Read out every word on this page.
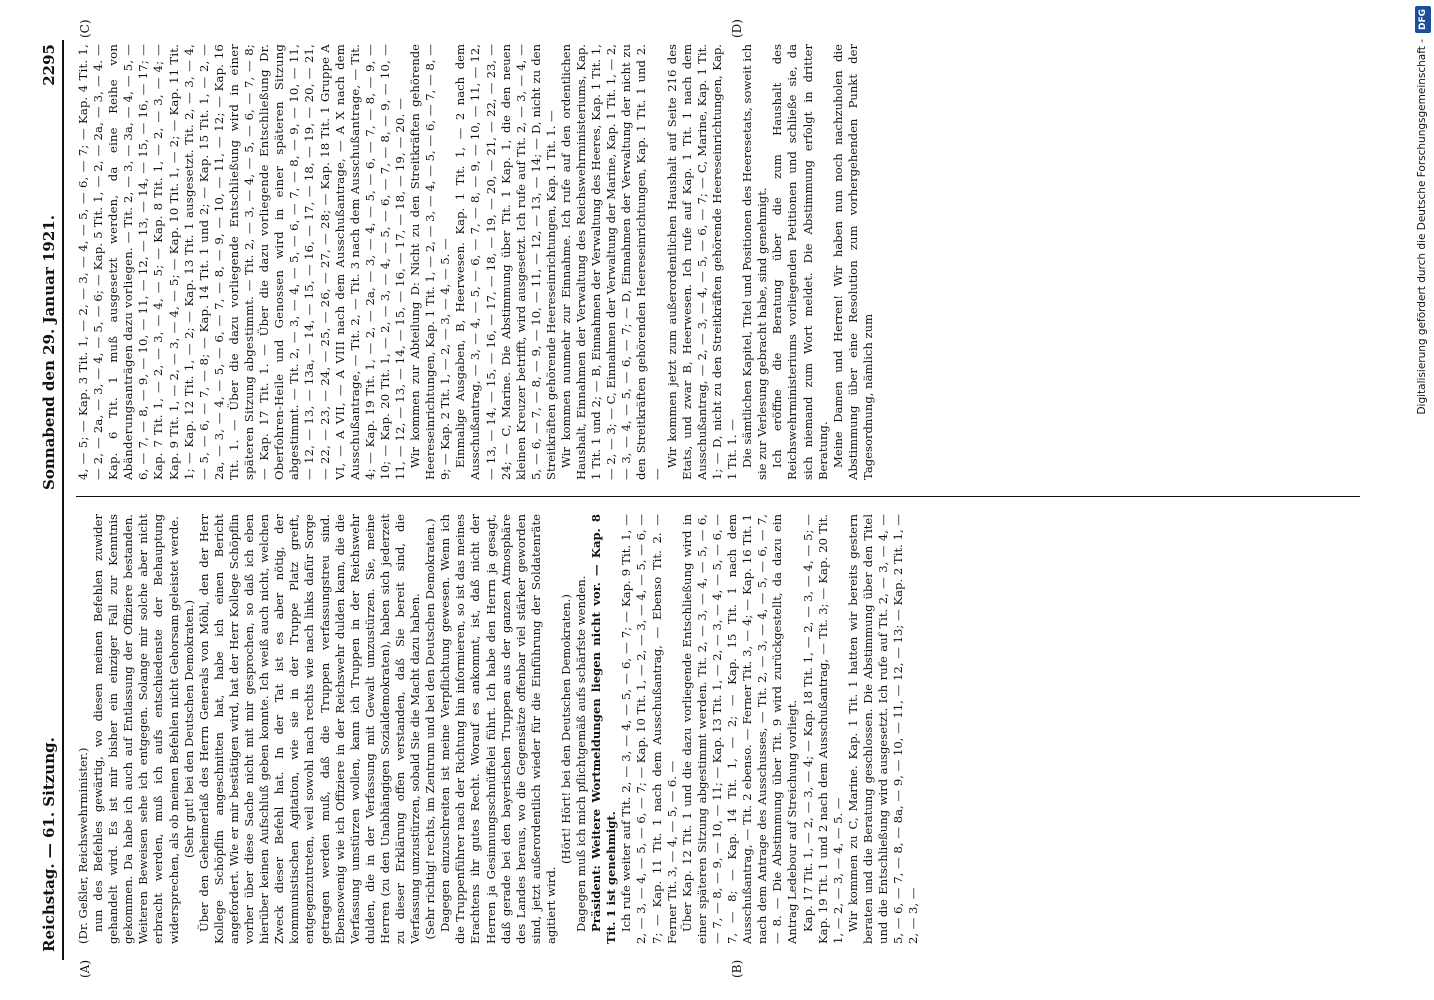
Reichstag. — 61. Sitzung.
Sonnabend den 29. Januar 1921.
2295
(A)	(B)
(C)	(D)

(Dr. Geßler, Reichswehrminister.) nun des Befehles gewärtig, wo diesen meinen Befehlen zuwider gehandelt wird. Es ist mir bisher ein einziger Fall zur Kenntnis gekommen. Da habe ich auch auf Entlassung der Offiziere bestanden. Weiteren Beweisen sehe ich entgegen. Solange mir solche aber nicht erbracht werden, muß ich aufs entschiedenste der Behauptung widersprechen, als ob meinen Befehlen nicht Gehorsam geleistet werde. (Sehr gut! bei den Deutschen Demokraten.) Über den Geheimerlaß des Herrn Generals von Möhl, den der Herr Kollege Schöpflin angeschnitten hat, habe ich einen Bericht angefordert. Wie er mir bestätigen wird, hat der Herr Kollege Schöpflin vorher über diese Sache nicht mit mir gesprochen, so daß ich eben hierüber keinen Aufschluß geben konnte. Ich weiß auch nicht, welchen Zweck dieser Befehl hat. In der Tat ist es aber nötig, der kommunistischen Agitation, wie sie in der Truppe Platz greift, entgegenzutreten, weil sowohl nach rechts wie nach links dafür Sorge getragen werden muß, daß die Truppen verfassungstreu sind. Ebensowenig wie ich Offiziere in der Reichswehr dulden kann, die die Verfassung umstürzen wollen, kann ich Truppen in der Reichswehr dulden, die in der Verfassung mit Gewalt umzustürzen. Sie, meine Herren (zu den Unabhängigen Sozialdemokraten), haben sich jederzeit zu dieser Erklärung offen verstanden, daß Sie bereit sind, die Verfassung umzustürzen, sobald Sie die Macht dazu haben. (Sehr richtig! rechts, im Zentrum und bei den Deutschen Demokraten.) Dagegen einzuschreiten ist meine Verpflichtung gewesen. Wenn ich die Truppenführer nach der Richtung hin informieren, so ist das meines Erachtens ihr gutes Recht. Worauf es ankommt, ist, daß nicht der Herren ja Gesinnungsschnüffelei führt. Ich habe den Herrn ja gesagt, daß gerade bei den bayerischen Truppen aus der ganzen Atmosphäre des Landes heraus, wo die Gegensätze offenbar viel stärker geworden sind, jetzt außerordentlich wieder für die Einführung der Soldatenräte agitiert wird.

(Hört! Hört! bei den Deutschen Demokraten.) Dagegen muß ich mich pflichtgemäß aufs schärfste wenden. Präsident: Weitere Wortmeldungen liegen nicht vor. — Kap. 8 Tit. 1 ist genehmigt. Ich rufe weiter auf Tit. 2, — 3, — 4, — 5, — 6, — 7; — Kap. 9 Tit. 1, — 2, — 3, — 4, — 5, — 6, — 7; — Kap. 10 Tit. 1, — 2, — 3, — 4, — 5, — 6, — 7; — Kap. 11 Tit. 1 nach dem Ausschußantrag, — Ebenso Tit. 2. — Ferner Tit. 3, — 4, — 5, — 6. — Über Kap. 12 Tit. 1 und die dazu vorliegende Entschließung wird in einer späteren Sitzung abgestimmt werden. Tit. 2, — 3, — 4, — 5, — 6, — 7, — 8, — 9, — 10, — 11; — Kap. 13 Tit. 1, — 2, — 3, — 4, — 5, — 6, — 7, — 8; — Kap. 14 Tit. 1, — 2; — Kap. 15 Tit. 1 nach dem Ausschußantrag, — Tit. 2 ebenso. — Ferner Tit. 3, — 4; — Kap. 16 Tit. 1 nach dem Antrage des Ausschusses, — Tit. 2, — 3, — 4, — 5, — 6, — 7, — 8. — Die Abstimmung über Tit. 9 wird zurückgestellt, da dazu ein Antrag Ledebour auf Streichung vorliegt. Kap. 17 Tit. 1, — 2, — 3, — 4; — Kap. 18 Tit. 1, — 2, — 3, — 4, — 5; — Kap. 19 Tit. 1 und 2 nach dem Ausschußantrag, — Tit. 3; — Kap. 20 Tit. 1, — 2, — 3, — 4, — 5. — Wir kommen zu C, Marine. Kap. 1 Tit. 1 hatten wir bereits gestern beraten und die Beratung geschlossen. Die Abstimmung über den Titel und die Entschließung wird ausgesetzt. Ich rufe auf Tit. 2, — 3, — 4, — 5, — 6, — 7, — 8, — 8a, — 9, — 10, — 11, — 12, — 13; — Kap. 2 Tit. 1, — 2, — 3, —

4, — 5; — Kap. 3 Tit. 1, — 2, — 3, — 4, — 5, — 6, — 7; — Kap. 4 Tit. 1, — 2, — 2a, — 3, — 4, — 5, — 6; — Kap. 5 Tit. 1, — 2, — 2a, — 3, — 4. — Kap. 6 Tit. 1 muß ausgesetzt werden, da eine Reihe von Abänderungsanträgen dazu vorliegen. — Tit. 2, — 3, — 3a, — 4, — 5, — 6, — 7, — 8, — 9, — 10, — 11, — 12, — 13, — 14, — 15, — 16, — 17; — Kap. 7 Tit. 1, — 2, — 3, — 4, — 5; — Kap. 8 Tit. 1, — 2, — 3, — 4; — Kap. 9 Tit. 1, — 2, — 3, — 4, — 5; — Kap. 10 Tit. 1, — 2; — Kap. 11 Tit. 1; — Kap. 12 Tit. 1, — 2; — Kap. 13 Tit. 1 ausgesetzt. Tit. 2, — 3, — 4, — 5, — 6, — 7, — 8; — Kap. 14 Tit. 1 und 2; — Kap. 15 Tit. 1, — 2, — 2a, — 3, — 4, — 5, — 6, — 7, — 8, — 9, — 10, — 11, — 12; — Kap. 16 Tit. 1. — Über die dazu vorliegende Entschließung wird in einer späteren Sitzung abgestimmt. — Tit. 2, — 3, — 4, — 5, — 6, — 7, — 8; — Kap. 17 Tit. 1. — Über die dazu vorliegende Entschließung Dr. Oberfohren-Heile und Genossen wird in einer späteren Sitzung abgestimmt. — Tit. 2, — 3, — 4, — 5, — 6, — 7, — 8, — 9, — 10, — 11, — 12, — 13, — 13a, — 14, — 15, — 16, — 17, — 18, — 19, — 20, — 21, — 22, — 23, — 24, — 25, — 26, — 27, — 28; — Kap. 18 Tit. 1 Gruppe A VI, — A VII, — A VIII nach dem Ausschußantrage, — A X nach dem Ausschußantrage, — Tit. 2, — Tit. 3 nach dem Ausschußantrage, — Tit. 4; — Kap. 19 Tit. 1, — 2, — 2a, — 3, — 4, — 5, — 6, — 7, — 8, — 9, — 10; — Kap. 20 Tit. 1, — 2, — 3, — 4, — 5, — 6, — 7, — 8, — 9, — 10, — 11, — 12, — 13, — 14, — 15, — 16, — 17, — 18, — 19, — 20. — Wir kommen zur Abteilung D: Nicht zu den Streitkräften gehörende Heereseinrichtungen, Kap. 1 Tit. 1, — 2, — 3, — 4, — 5, — 6, — 7, — 8, — 9; — Kap. 2 Tit. 1, — 2, — 3, — 4, — 5. — Einmalige Ausgaben, B, Heerwesen. Kap. 1 Tit. 1, — 2 nach dem Ausschußantrag, — 3, — 4, — 5, — 6, — 7, — 8, — 9, — 10, — 11, — 12, — 13, — 14, — 15, — 16, — 17, — 18, — 19, — 20, — 21, — 22, — 23, — 24; — C, Marine. Die Abstimmung über Tit. 1 Kap. 1, die den neuen kleinen Kreuzer betrifft, wird ausgesetzt. Ich rufe auf Tit. 2, — 3, — 4, — 5, — 6, — 7, — 8, — 9, — 10, — 11, — 12, — 13, — 14; — D, nicht zu den Streitkräften gehörende Heereseinrichtungen, Kap. 1 Tit. 1. — Wir kommen nunmehr zur Einnahme. Ich rufe auf den ordentlichen Haushalt, Einnahmen der Verwaltung des Reichswehrministeriums, Kap. 1 Tit. 1 und 2; — B, Einnahmen der Verwaltung des Heeres, Kap. 1 Tit. 1, — 2, — 3; — C, Einnahmen der Verwaltung der Marine, Kap. 1 Tit. 1, — 2, — 3, — 4, — 5, — 6, — 7; — D, Einnahmen der Verwaltung der nicht zu den Streitkräften gehörenden Heereseinrichtungen, Kap. 1 Tit. 1 und 2. —

Wir kommen jetzt zum außerordentlichen Haushalt auf Seite 216 des Etats, und zwar B, Heerwesen. Ich rufe auf Kap. 1 Tit. 1 nach dem Ausschußantrag, — 2, — 3, — 4, — 5, — 6, — 7; — C, Marine, Kap. 1 Tit. 1; — D, nicht zu den Streitkräften gehörende Heereseinrichtungen, Kap. 1 Tit. 1. — Die sämtlichen Kapitel, Titel und Positionen des Heeresetats, soweit ich sie zur Verlesung gebracht habe, sind genehmigt. Ich eröffne die Beratung über die zum Haushalt des Reichswehrministeriums vorliegenden Petitionen und schließe sie, da sich niemand zum Wort meldet. Die Abstimmung erfolgt in dritter Beratung. Meine Damen und Herren! Wir haben nun noch nachzuholen die Abstimmung über eine Resolution zum vorhergehenden Punkt der Tagesordnung, nämlich zum	Digitalisierung gefördert durch die Deutsche Forschungsgemeinschaft -DFG
